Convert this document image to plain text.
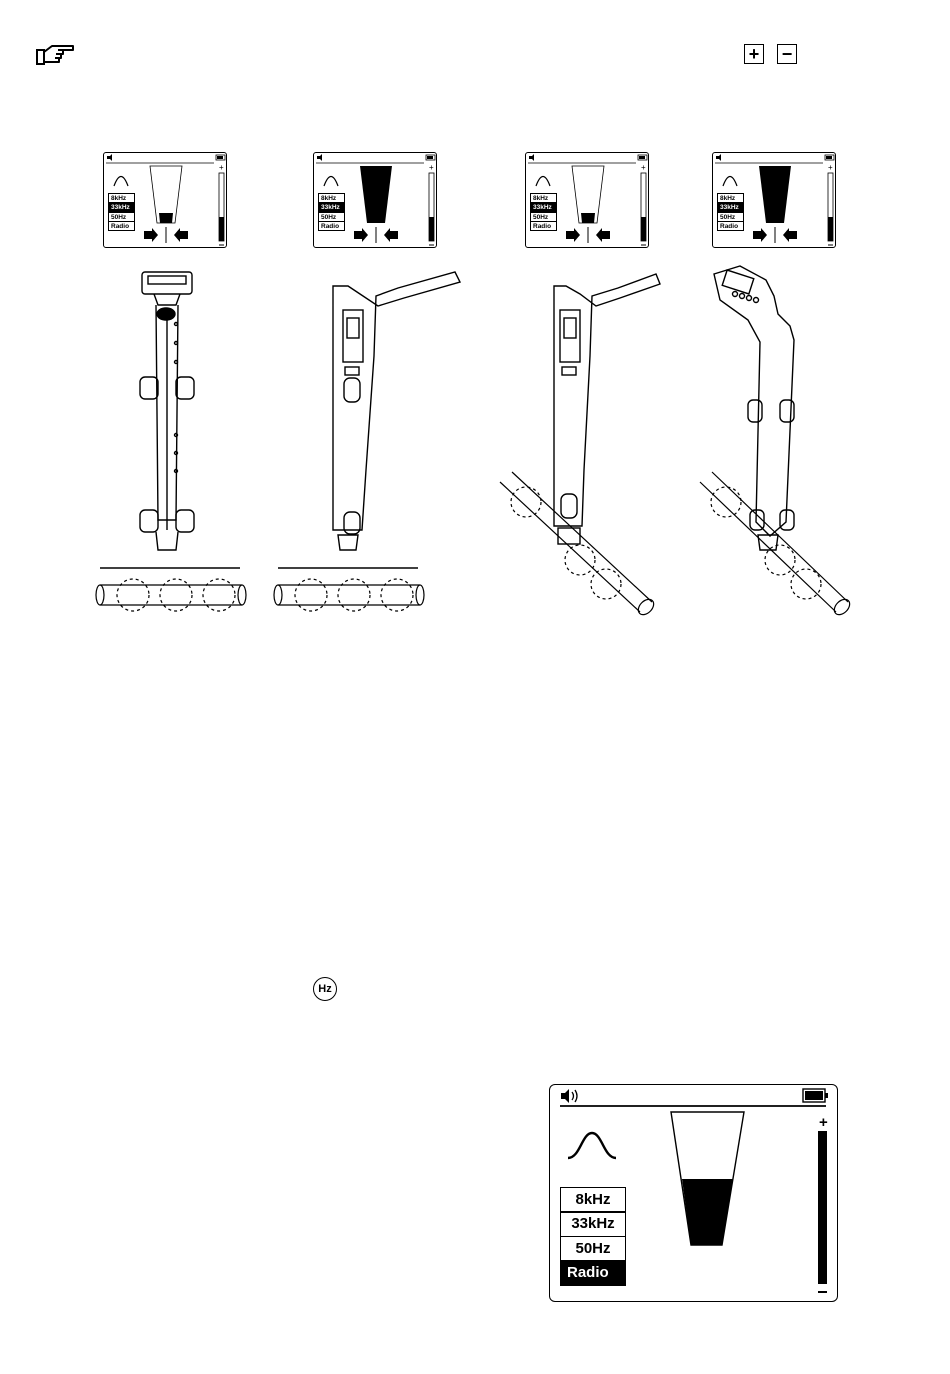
+ −
+
8kHz
33kHz
50Hz
Radio
+
8kHz
33kHz
50Hz
Radio
+
8kHz
33kHz
50Hz
Radio
+
8kHz
33kHz
50Hz
Radio
Hz
+
8kHz
33kHz
50Hz
Radio
